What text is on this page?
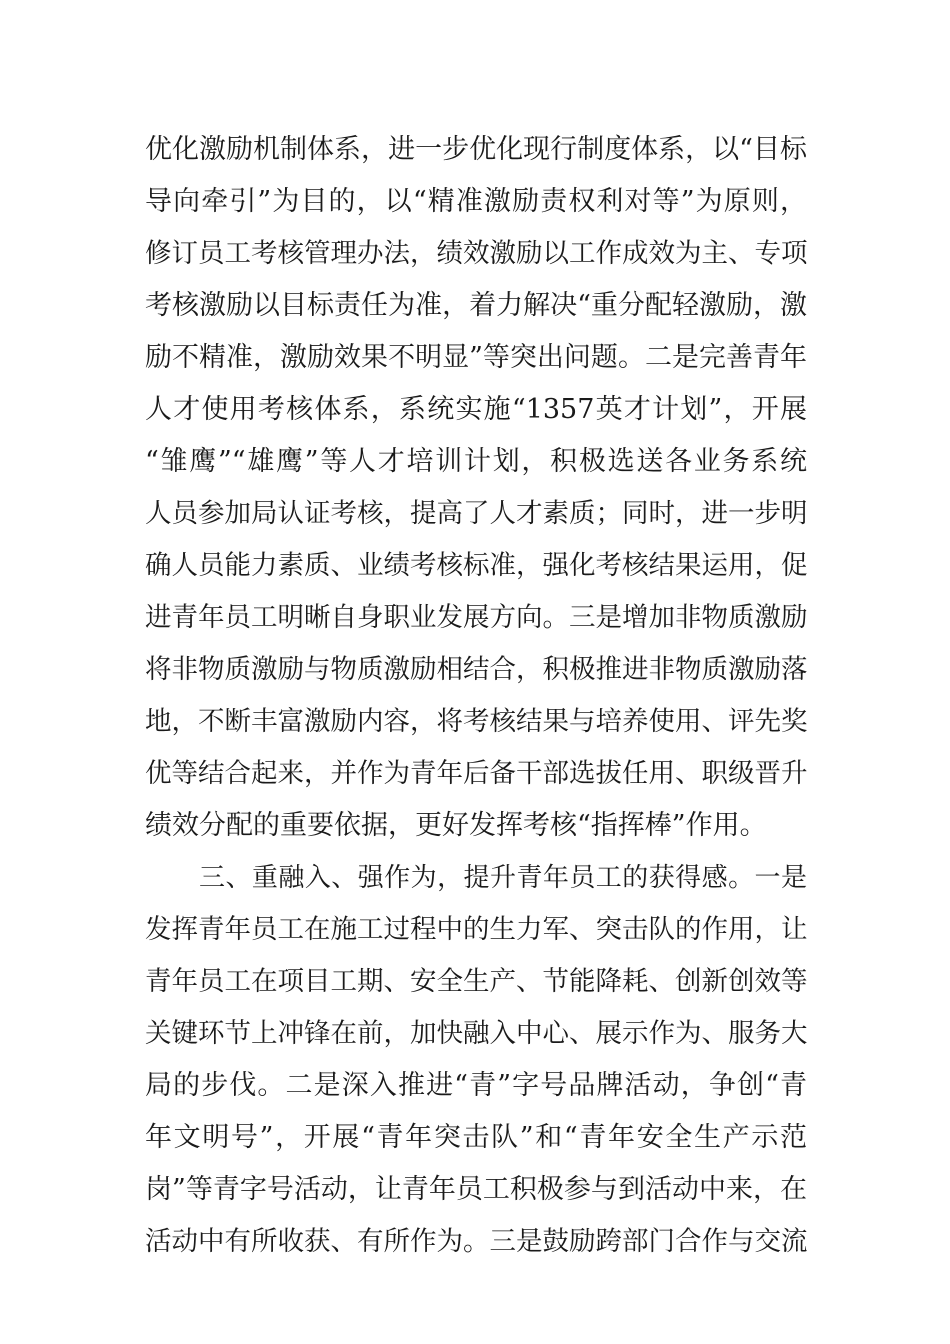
优化激励机制体系，进一步优化现行制度体系，以“目标
导向牵引”为目的，以“精准激励责权利对等”为原则，
修订员工考核管理办法，绩效激励以工作成效为主、专项
考核激励以目标责任为准，着力解决“重分配轻激励，激
励不精准，激励效果不明显”等突出问题。二是完善青年
人才使用考核体系，系统实施“1357英才计划”，开展
“雏鹰”“雄鹰”等人才培训计划，积极选送各业务系统
人员参加局认证考核，提高了人才素质；同时，进一步明
确人员能力素质、业绩考核标准，强化考核结果运用，促
进青年员工明晰自身职业发展方向。三是增加非物质激励
将非物质激励与物质激励相结合，积极推进非物质激励落
地，不断丰富激励内容，将考核结果与培养使用、评先奖
优等结合起来，并作为青年后备干部选拔任用、职级晋升
绩效分配的重要依据，更好发挥考核“指挥棒”作用。
三、重融入、强作为，提升青年员工的获得感。一是
发挥青年员工在施工过程中的生力军、突击队的作用，让
青年员工在项目工期、安全生产、节能降耗、创新创效等
关键环节上冲锋在前，加快融入中心、展示作为、服务大
局的步伐。二是深入推进“青”字号品牌活动，争创“青
年文明号”，开展“青年突击队”和“青年安全生产示范
岗”等青字号活动，让青年员工积极参与到活动中来，在
活动中有所收获、有所作为。三是鼓励跨部门合作与交流
